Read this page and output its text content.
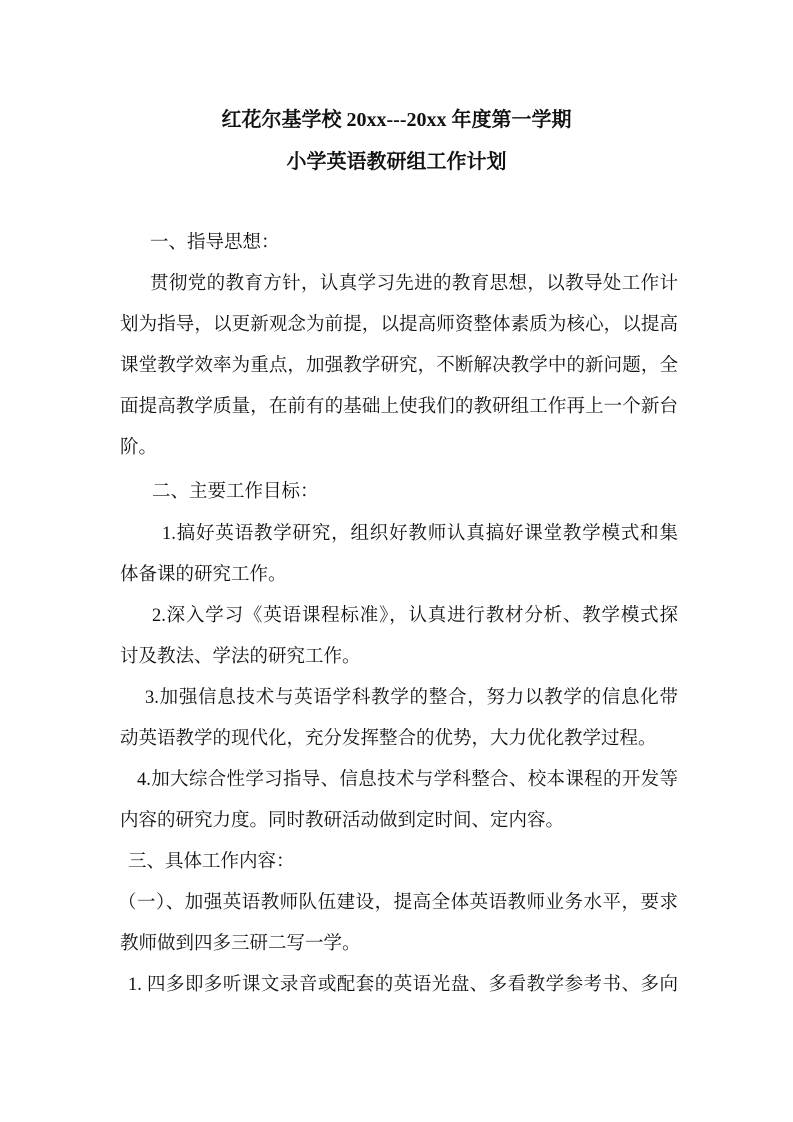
红花尔基学校 20xx---20xx 年度第一学期
小学英语教研组工作计划
一、指导思想：
贯彻党的教育方针，认真学习先进的教育思想，以教导处工作计
划为指导，以更新观念为前提，以提高师资整体素质为核心，以提高
课堂教学效率为重点，加强教学研究，不断解决教学中的新问题，全
面提高教学质量，在前有的基础上使我们的教研组工作再上一个新台
阶。
二、主要工作目标：
1.搞好英语教学研究，组织好教师认真搞好课堂教学模式和集
体备课的研究工作。
2.深入学习《英语课程标准》，认真进行教材分析、教学模式探
讨及教法、学法的研究工作。
3.加强信息技术与英语学科教学的整合，努力以教学的信息化带
动英语教学的现代化，充分发挥整合的优势，大力优化教学过程。
4.加大综合性学习指导、信息技术与学科整合、校本课程的开发等
内容的研究力度。同时教研活动做到定时间、定内容。
三、具体工作内容：
（一）、加强英语教师队伍建设，提高全体英语教师业务水平，要求
教师做到四多三研二写一学。
1. 四多即多听课文录音或配套的英语光盘、多看教学参考书、多向
